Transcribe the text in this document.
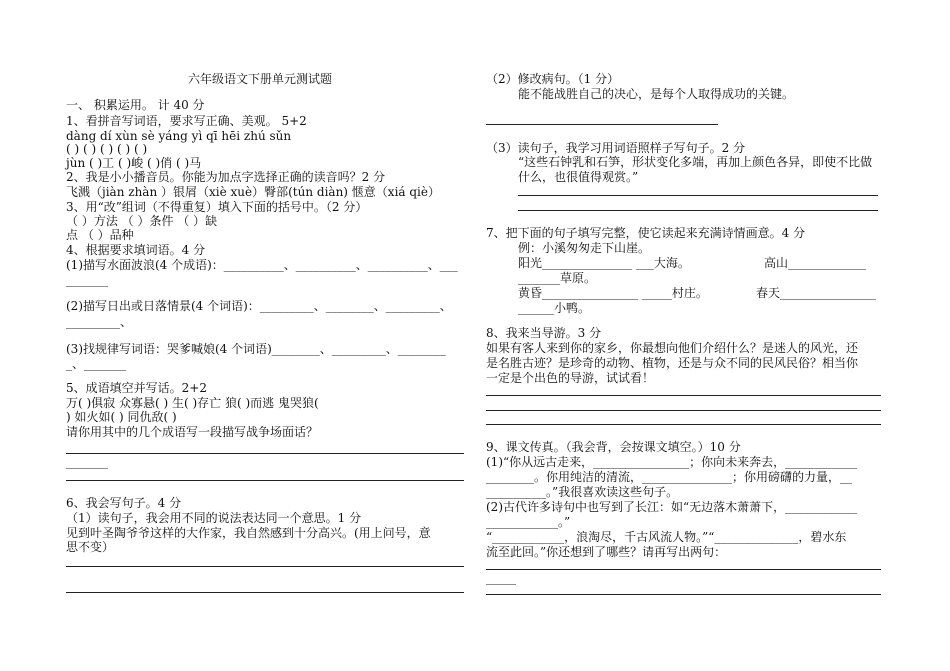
六年级语文下册单元测试题
一、 积累运用。 计 40 分
1、看拼音写词语，要求写正确、美观。 5+2
dàng dí xùn sè yáng yì qī hēi zhú sǔn
( ) ( ) ( ) ( ) ( )
jùn ( )工 ( )峻 ( )俏 ( )马
2、我是小小播音员。你能为加点字选择正确的读音吗？2 分
飞溅（jiàn zhàn ）银屑（xiè xuè）臀部(tún diàn) 惬意（xiá qiè）
3、用“改”组词（不得重复）填入下面的括号中。（2 分）
（ ）方法 （ ）条件 （ ）缺
点 （ ）品种
4、根据要求填词语。4 分
(1)描写水面波浪(4 个成语)：__________、__________、__________、___
_______
(2)描写日出或日落情景(4 个词语)：_________、________、_________、
_________、
(3)找规律写词语：哭爹喊娘(4 个词语)________、_________、________
_、_______
5、成语填空并写话。2+2
万( )俱寂 众寡悬( ) 生( )存亡 狼( )而逃 鬼哭狼(
) 如火如( ) 同仇敌( )
请你用其中的几个成语写一段描写战争场面话？
_______
6、我会写句子。4 分
（1）读句子，我会用不同的说法表达同一个意思。1 分
见到叶圣陶爷爷这样的大作家，我自然感到十分高兴。(用上问号，意
思不变）
（2）修改病句。（1 分）
能不能战胜自己的决心，是每个人取得成功的关键。
（3）读句子，我学习用词语照样子写句子。2 分
“这些石钟乳和石笋，形状变化多端，再加上颜色各异，即使不比做
什么，也很值得观赏。”
7、把下面的句子填写完整，使它读起来充满诗情画意。4 分
例：小溪匆匆走下山崖。
阳光_______________ ___大海。	高山_____________
_______草原。
黄昏________________ _____村庄。	春天________________
______小鸭。
8、我来当导游。3 分
如果有客人来到你的家乡，你最想向他们介绍什么？是迷人的风光，还
是名胜古迹？是珍奇的动物、植物，还是与众不同的民风民俗？相当你
一定是个出色的导游，试试看！
9、课文传真。（我会背，会按课文填空。）10 分
(1)“你从远古走来，________________；你向未来奔去，____________
________。你用纯洁的清流，_______________；你用磅礴的力量，__
__________。”我很喜欢读这些句子。
(2)古代许多诗句中也写到了长江：如“无边落木萧萧下，____________
____________。”
“____________，浪淘尽，千古风流人物。”“______________，碧水东
流至此回。”你还想到了哪些？请再写出两句：
_____
